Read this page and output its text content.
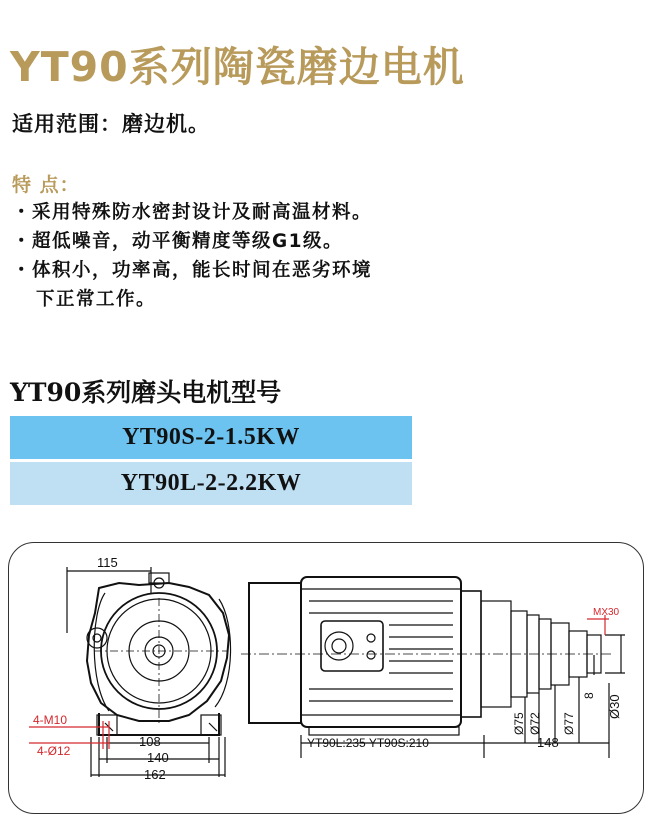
YT90系列陶瓷磨边电机
适用范围：磨边机。
特 点：
・采用特殊防水密封设计及耐高温材料。
・超低噪音，动平衡精度等级G1级。
・体积小，功率高，能长时间在恶劣环境
下正常工作。
YT90系列磨头电机型号
YT90S-2-1.5KW
YT90L-2-2.2KW
115
108
140
162
YT90L:235 YT90S:210	148
Ø75 Ø72 Ø77
8 Ø30
4-M10
4-Ø12
MX30
